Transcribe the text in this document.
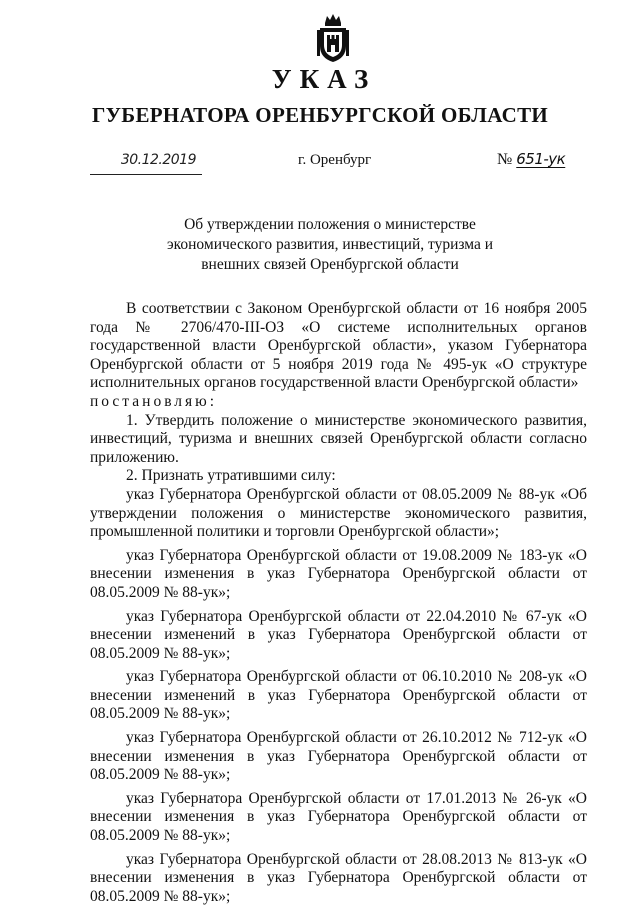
УКАЗ
ГУБЕРНАТОРА ОРЕНБУРГСКОЙ ОБЛАСТИ
30.12.2019	г. Оренбург	№ 651-ук
Об утверждении положения о министерстве
экономического развития, инвестиций, туризма и
внешних связей Оренбургской области

В соответствии с Законом Оренбургской области от 16 ноября 2005 года № 2706/470-III-ОЗ «О системе исполнительных органов государственной власти Оренбургской области», указом Губернатора Оренбургской области от 5 ноября 2019 года № 495-ук «О структуре исполнительных органов государственной власти Оренбургской области»

постановляю:

1. Утвердить положение о министерстве экономического развития, инвестиций, туризма и внешних связей Оренбургской области согласно приложению.

2. Признать утратившими силу:

указ Губернатора Оренбургской области от 08.05.2009 № 88-ук «Об утверждении положения о министерстве экономического развития, промышленной политики и торговли Оренбургской области»;

указ Губернатора Оренбургской области от 19.08.2009 № 183-ук «О внесении изменения в указ Губернатора Оренбургской области от 08.05.2009 № 88-ук»;

указ Губернатора Оренбургской области от 22.04.2010 № 67-ук «О внесении изменений в указ Губернатора Оренбургской области от 08.05.2009 № 88-ук»;

указ Губернатора Оренбургской области от 06.10.2010 № 208-ук «О внесении изменений в указ Губернатора Оренбургской области от 08.05.2009 № 88-ук»;

указ Губернатора Оренбургской области от 26.10.2012 № 712-ук «О внесении изменения в указ Губернатора Оренбургской области от 08.05.2009 № 88-ук»;

указ Губернатора Оренбургской области от 17.01.2013 № 26-ук «О внесении изменения в указ Губернатора Оренбургской области от 08.05.2009 № 88-ук»;

указ Губернатора Оренбургской области от 28.08.2013 № 813-ук «О внесении изменения в указ Губернатора Оренбургской области от 08.05.2009 № 88-ук»;
